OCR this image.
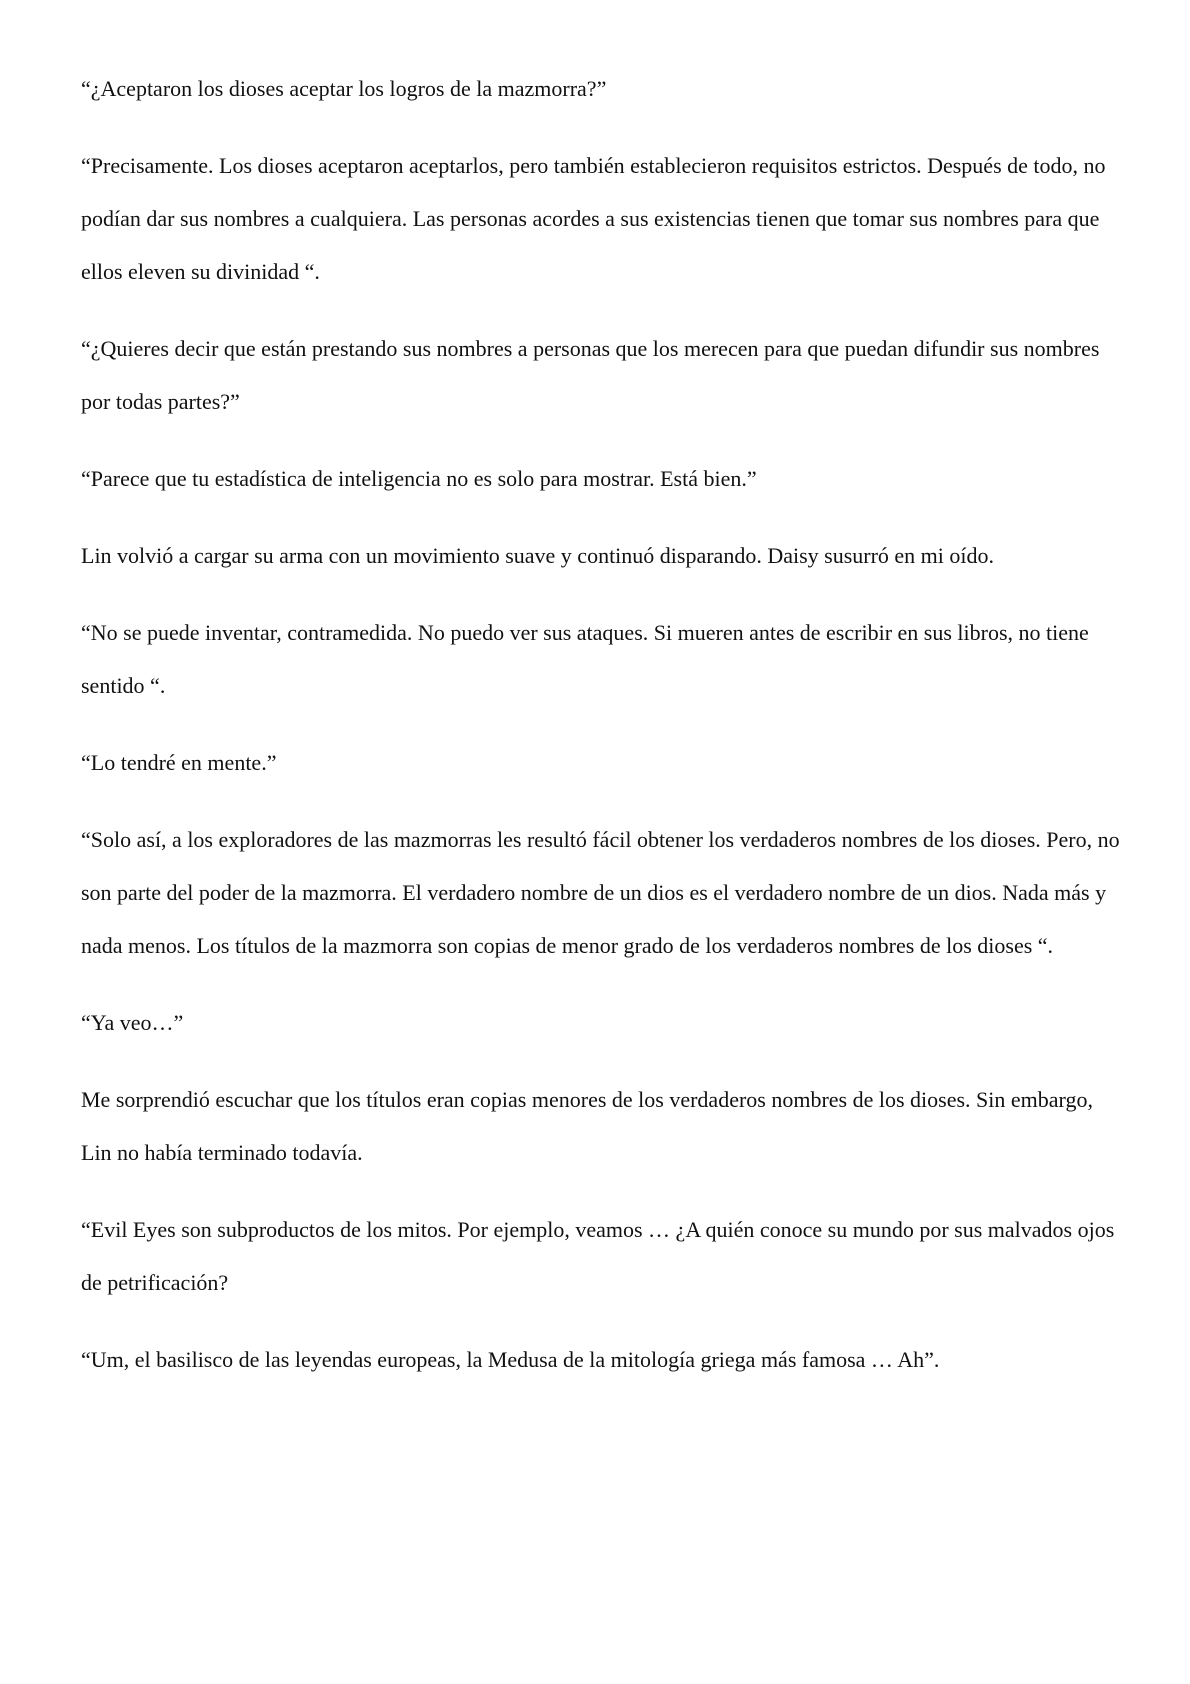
“¿Aceptaron los dioses aceptar los logros de la mazmorra?”

“Precisamente. Los dioses aceptaron aceptarlos, pero también establecieron requisitos estrictos. Después de todo, no podían dar sus nombres a cualquiera. Las personas acordes a sus existencias tienen que tomar sus nombres para que ellos eleven su divinidad “.

“¿Quieres decir que están prestando sus nombres a personas que los merecen para que puedan difundir sus nombres por todas partes?”

“Parece que tu estadística de inteligencia no es solo para mostrar. Está bien.”

Lin volvió a cargar su arma con un movimiento suave y continuó disparando. Daisy susurró en mi oído.

“No se puede inventar, contramedida. No puedo ver sus ataques. Si mueren antes de escribir en sus libros, no tiene sentido “.

“Lo tendré en mente.”

“Solo así, a los exploradores de las mazmorras les resultó fácil obtener los verdaderos nombres de los dioses. Pero, no son parte del poder de la mazmorra. El verdadero nombre de un dios es el verdadero nombre de un dios. Nada más y nada menos. Los títulos de la mazmorra son copias de menor grado de los verdaderos nombres de los dioses “.

“Ya veo…”

Me sorprendió escuchar que los títulos eran copias menores de los verdaderos nombres de los dioses. Sin embargo, Lin no había terminado todavía.

“Evil Eyes son subproductos de los mitos. Por ejemplo, veamos … ¿A quién conoce su mundo por sus malvados ojos de petrificación?

“Um, el basilisco de las leyendas europeas, la Medusa de la mitología griega más famosa … Ah”.
